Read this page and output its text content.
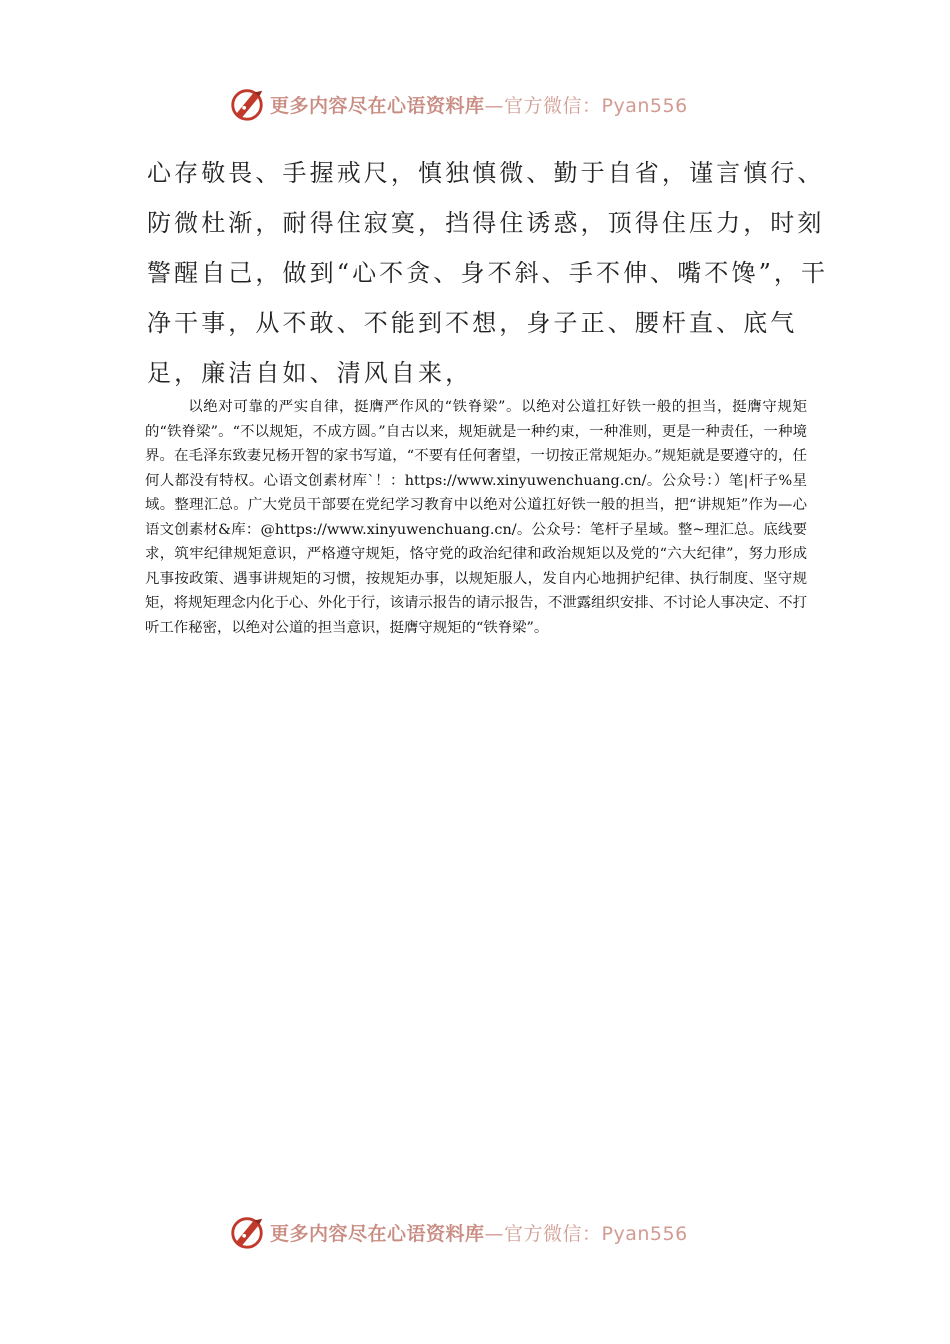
更多内容尽在心语资料库—官方微信：Pyan556

心存敬畏、手握戒尺，慎独慎微、勤于自省，谨言慎行、防微杜渐，耐得住寂寞，挡得住诱惑，顶得住压力，时刻警醒自己，做到“心不贪、身不斜、手不伸、嘴不馋”，干净干事，从不敢、不能到不想，身子正、腰杆直、底气足，廉洁自如、清风自来，

以绝对可靠的严实自律，挺膺严作风的“铁脊梁”。以绝对公道扛好铁一般的担当，挺膺守规矩的“铁脊梁”。“不以规矩，不成方圆。”自古以来，规矩就是一种约束，一种准则，更是一种责任，一种境界。在毛泽东致妻兄杨开智的家书写道，“不要有任何奢望，一切按正常规矩办。”规矩就是要遵守的，任何人都没有特权。心语文创素材库`！：https://www.xinyuwenchuang.cn/。公众号：）笔|杆子%星域。整理汇总。广大党员干部要在党纪学习教育中以绝对公道扛好铁一般的担当，把“讲规矩”作为—心语文创素材&库：@https://www.xinyuwenchuang.cn/。公众号：笔杆子星域。整~理汇总。底线要求，筑牢纪律规矩意识，严格遵守规矩，恪守党的政治纪律和政治规矩以及党的“六大纪律”，努力形成凡事按政策、遇事讲规矩的习惯，按规矩办事，以规矩服人，发自内心地拥护纪律、执行制度、坚守规矩，将规矩理念内化于心、外化于行，该请示报告的请示报告，不泄露组织安排、不讨论人事决定、不打听工作秘密，以绝对公道的担当意识，挺膺守规矩的“铁脊梁”。

更多内容尽在心语资料库—官方微信：Pyan556
